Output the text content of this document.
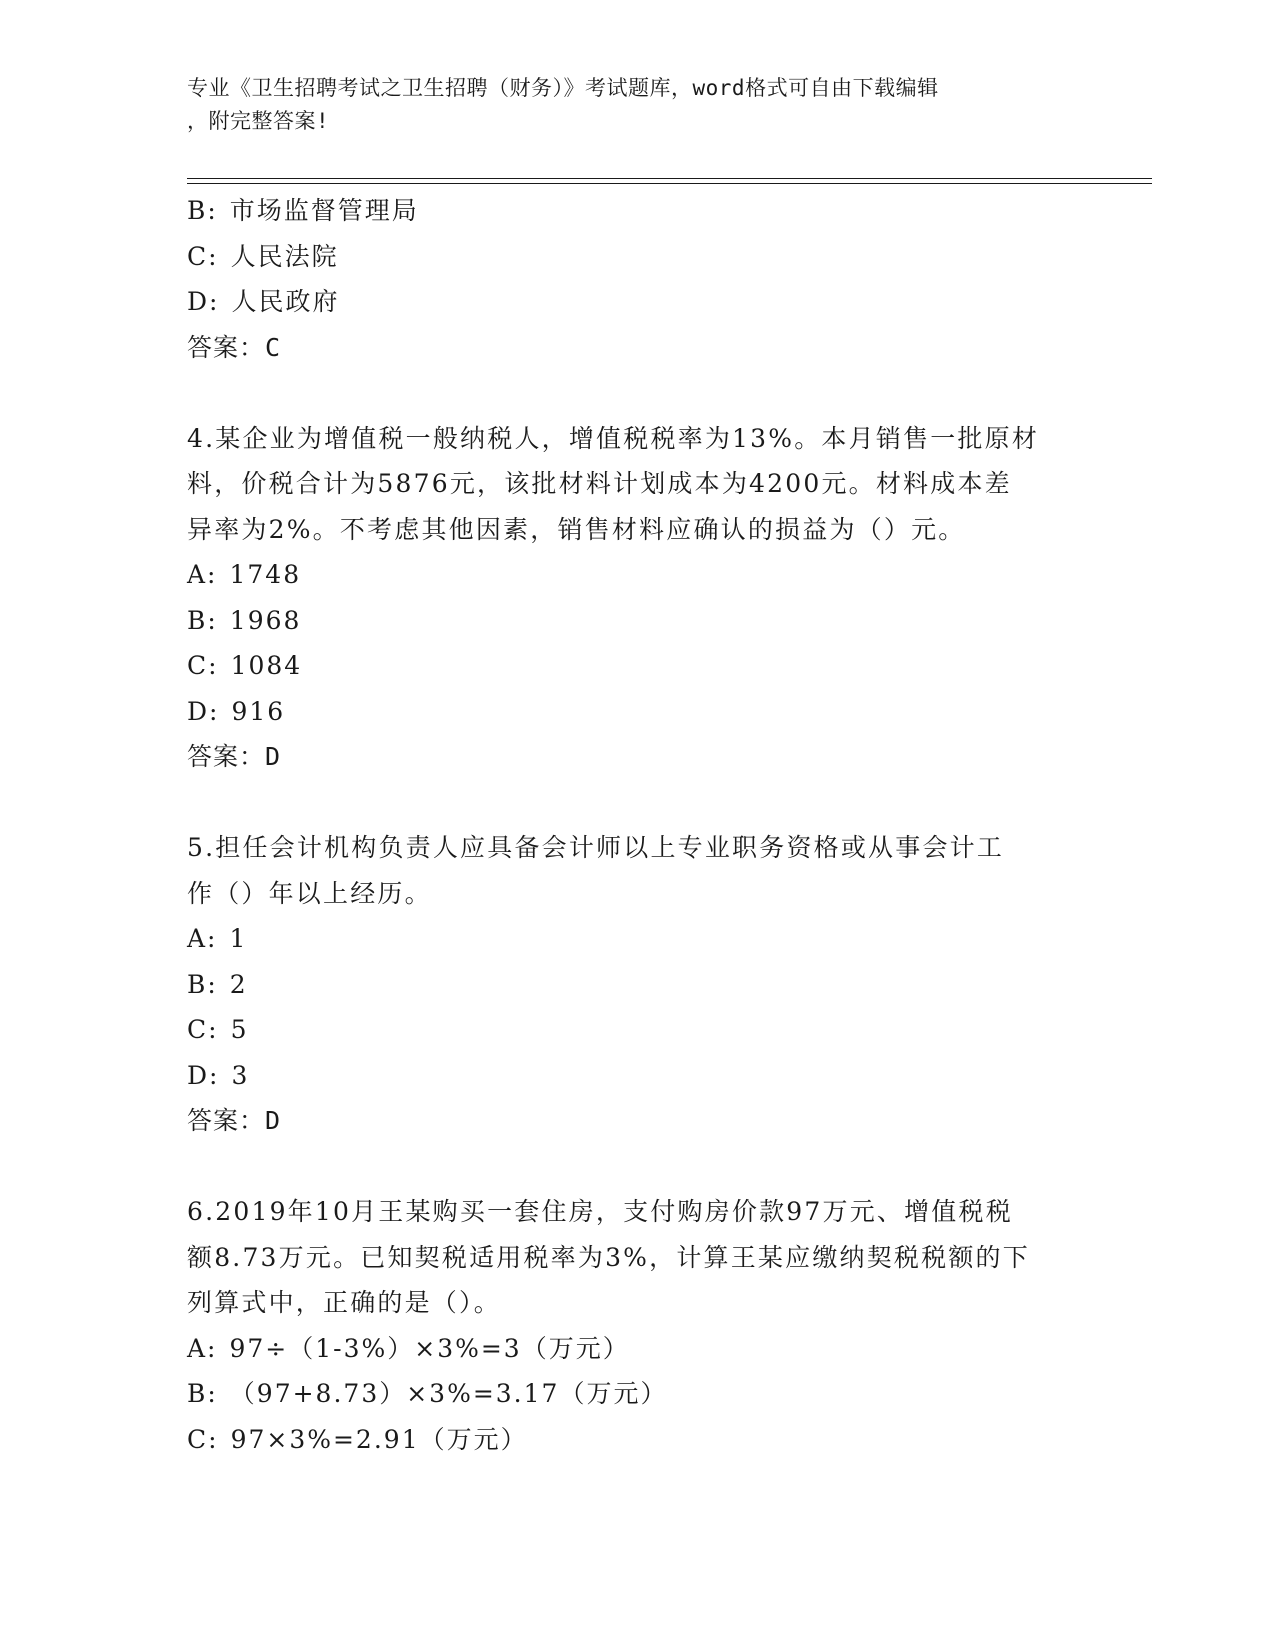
专业《卫生招聘考试之卫生招聘（财务）》考试题库，word格式可自由下载编辑
，附完整答案!
B: 市场监督管理局
C: 人民法院
D: 人民政府
答案：C
4.某企业为增值税一般纳税人，增值税税率为13%。本月销售一批原材
料，价税合计为5876元，该批材料计划成本为4200元。材料成本差
异率为2%。不考虑其他因素，销售材料应确认的损益为（）元。
A: 1748
B: 1968
C: 1084
D: 916
答案：D
5.担任会计机构负责人应具备会计师以上专业职务资格或从事会计工
作（）年以上经历。
A: 1
B: 2
C: 5
D: 3
答案：D
6.2019年10月王某购买一套住房，支付购房价款97万元、增值税税
额8.73万元。已知契税适用税率为3%，计算王某应缴纳契税税额的下
列算式中，正确的是（）。
A: 97÷（1-3%）×3%=3（万元）
B: （97+8.73）×3%=3.17（万元）
C: 97×3%=2.91（万元）
